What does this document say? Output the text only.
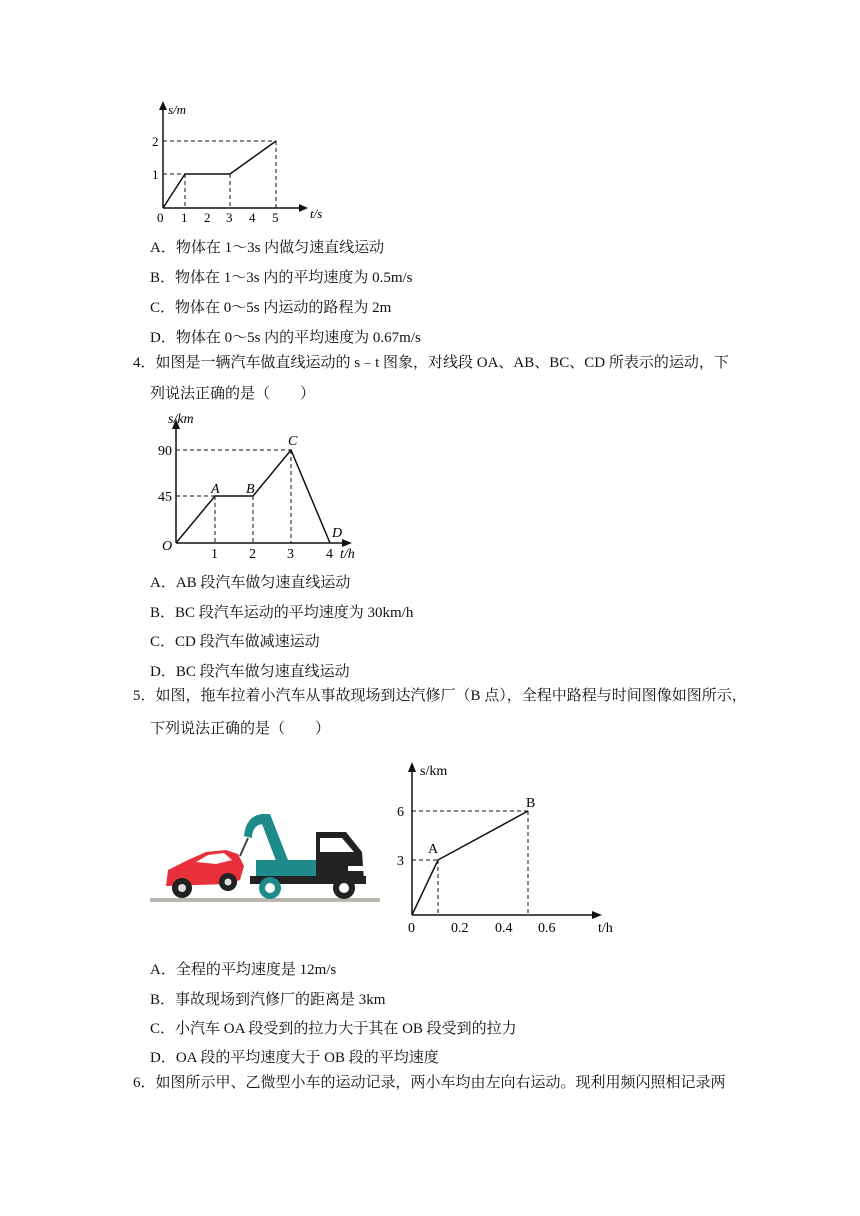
s/m
2
1
0 1 2 3 4 5 t/s
A．物体在 1～3s 内做匀速直线运动
B．物体在 1～3s 内的平均速度为 0.5m/s
C．物体在 0～5s 内运动的路程为 2m
D．物体在 0～5s 内的平均速度为 0.67m/s
4．如图是一辆汽车做直线运动的 s﹣t 图象，对线段 OA、AB、BC、CD 所表示的运动，下
列说法正确的是（　　）
s/km
90
45
O
1 2 3 4 t/h
A B
C
D
A．AB 段汽车做匀速直线运动
B．BC 段汽车运动的平均速度为 30km/h
C．CD 段汽车做减速运动
D．BC 段汽车做匀速直线运动
5．如图，拖车拉着小汽车从事故现场到达汽修厂（B 点），全程中路程与时间图像如图所示，
下列说法正确的是（　　）
s/km
6
3
0	0.2 0.4 0.6	t/h
A
B
A．全程的平均速度是 12m/s
B．事故现场到汽修厂的距离是 3km
C．小汽车 OA 段受到的拉力大于其在 OB 段受到的拉力
D．OA 段的平均速度大于 OB 段的平均速度
6．如图所示甲、乙微型小车的运动记录，两小车均由左向右运动。现利用频闪照相记录两
